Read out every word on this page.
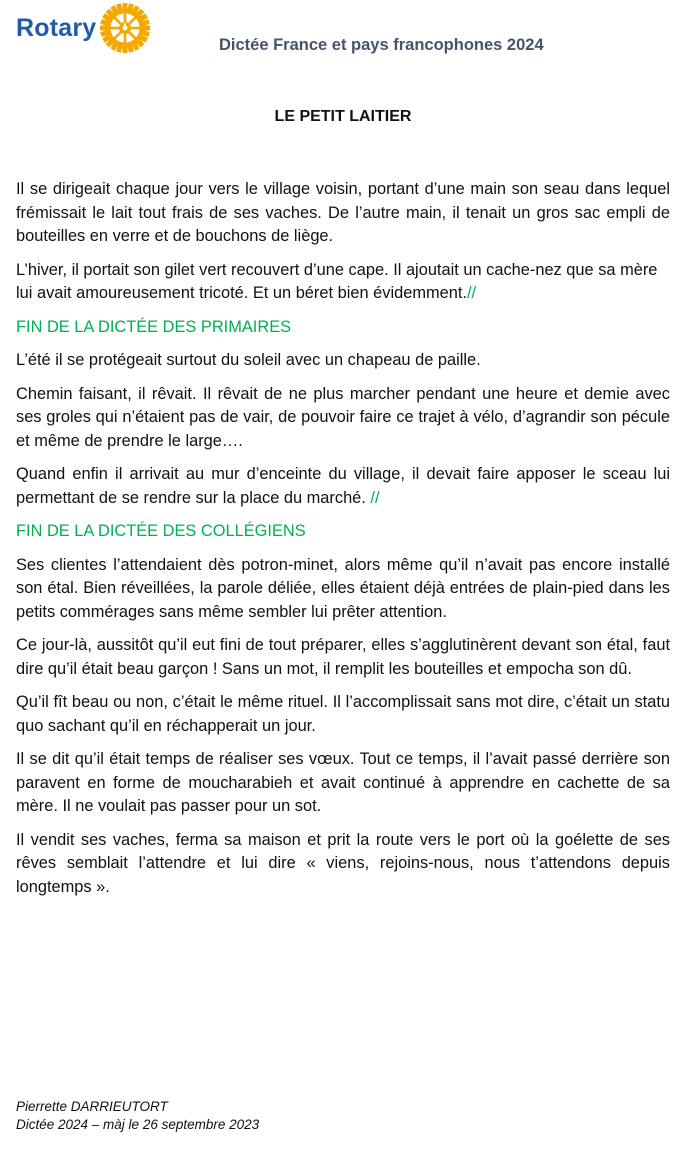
Rotary
Dictée France et pays francophones 2024
LE PETIT LAITIER

Il se dirigeait chaque jour vers le village voisin, portant d’une main son seau dans lequel frémissait le lait tout frais de ses vaches. De l’autre main, il tenait un gros sac empli de bouteilles en verre et de bouchons de liège.

L’hiver, il portait son gilet vert recouvert d’une cape. Il ajoutait un cache-nez que sa mère lui avait amoureusement tricoté. Et un béret bien évidemment.//

FIN DE LA DICTÉE DES PRIMAIRES

L’été il se protégeait surtout du soleil avec un chapeau de paille.

Chemin faisant, il rêvait. Il rêvait de ne plus marcher pendant une heure et demie avec ses groles qui n’étaient pas de vair, de pouvoir faire ce trajet à vélo, d’agrandir son pécule et même de prendre le large….

Quand enfin il arrivait au mur d’enceinte du village, il devait faire apposer le sceau lui permettant de se rendre sur la place du marché. //

FIN DE LA DICTÉE DES COLLÉGIENS

Ses clientes l’attendaient dès potron-minet, alors même qu’il n’avait pas encore installé son étal. Bien réveillées, la parole déliée, elles étaient déjà entrées de plain-pied dans les petits commérages sans même sembler lui prêter attention.

Ce jour-là, aussitôt qu’il eut fini de tout préparer, elles s’agglutinèrent devant son étal, faut dire qu’il était beau garçon ! Sans un mot, il remplit les bouteilles et empocha son dû.

Qu’il fît beau ou non, c’était le même rituel. Il l’accomplissait sans mot dire, c’était un statu quo sachant qu’il en réchapperait un jour.

Il se dit qu’il était temps de réaliser ses vœux. Tout ce temps, il l’avait passé derrière son paravent en forme de moucharabieh et avait continué à apprendre en cachette de sa mère. Il ne voulait pas passer pour un sot.

Il vendit ses vaches, ferma sa maison et prit la route vers le port où la goélette de ses rêves semblait l’attendre et lui dire « viens, rejoins-nous, nous t’attendons depuis longtemps ».

Pierrette DARRIEUTORT
Dictée 2024 – màj le 26 septembre 2023
